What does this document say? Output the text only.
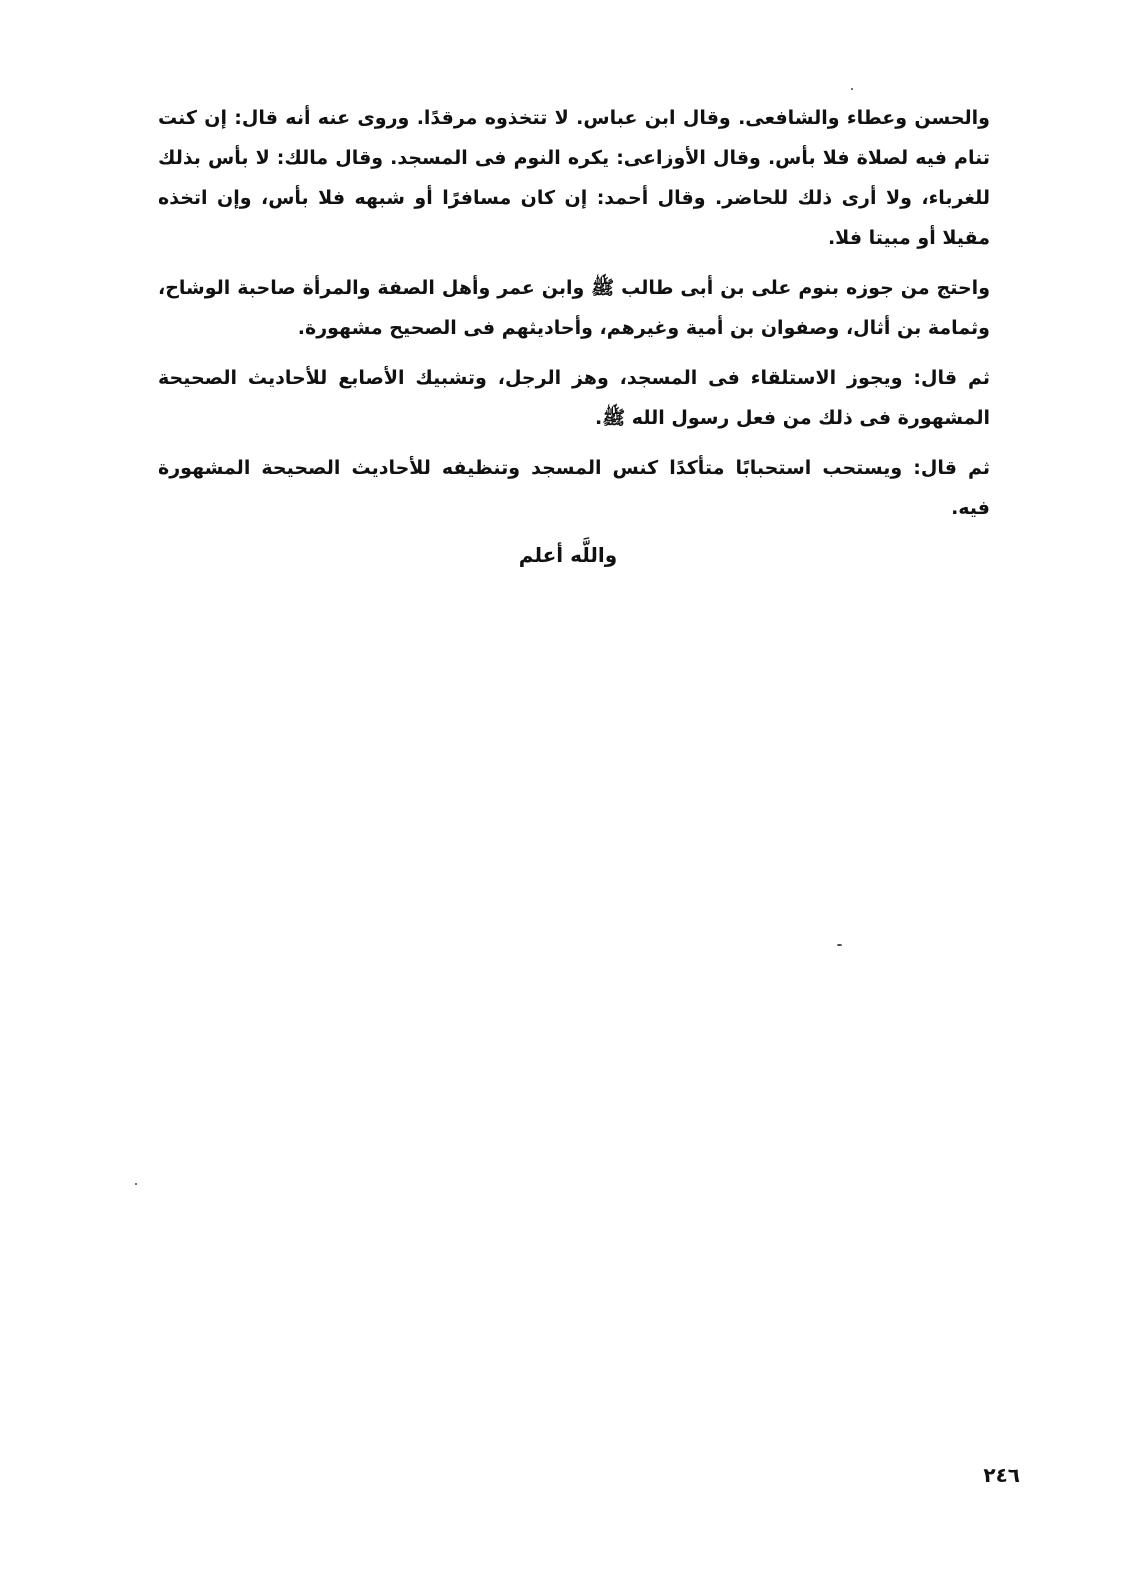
والحسن وعطاء والشافعى. وقال ابن عباس. لا تتخذوه مرقدًا. وروى عنه أنه قال: إن كنت تنام فيه لصلاة فلا بأس. وقال الأوزاعى: يكره النوم فى المسجد. وقال مالك: لا بأس بذلك للغرباء، ولا أرى ذلك للحاضر. وقال أحمد: إن كان مسافرًا أو شبهه فلا بأس، وإن اتخذه مقيلا أو مبيتا فلا.

واحتج من جوزه بنوم على بن أبى طالب ﷺ وابن عمر وأهل الصفة والمرأة صاحبة الوشاح، وثمامة بن أثال، وصفوان بن أمية وغيرهم، وأحاديثهم فى الصحيح مشهورة.

ثم قال: ويجوز الاستلقاء فى المسجد، وهز الرجل، وتشبيك الأصابع للأحاديث الصحيحة المشهورة فى ذلك من فعل رسول الله ﷺ.

ثم قال: ويستحب استحبابًا متأكدًا كنس المسجد وتنظيفه للأحاديث الصحيحة المشهورة فيه.

واللَّه أعلم
٢٤٦
